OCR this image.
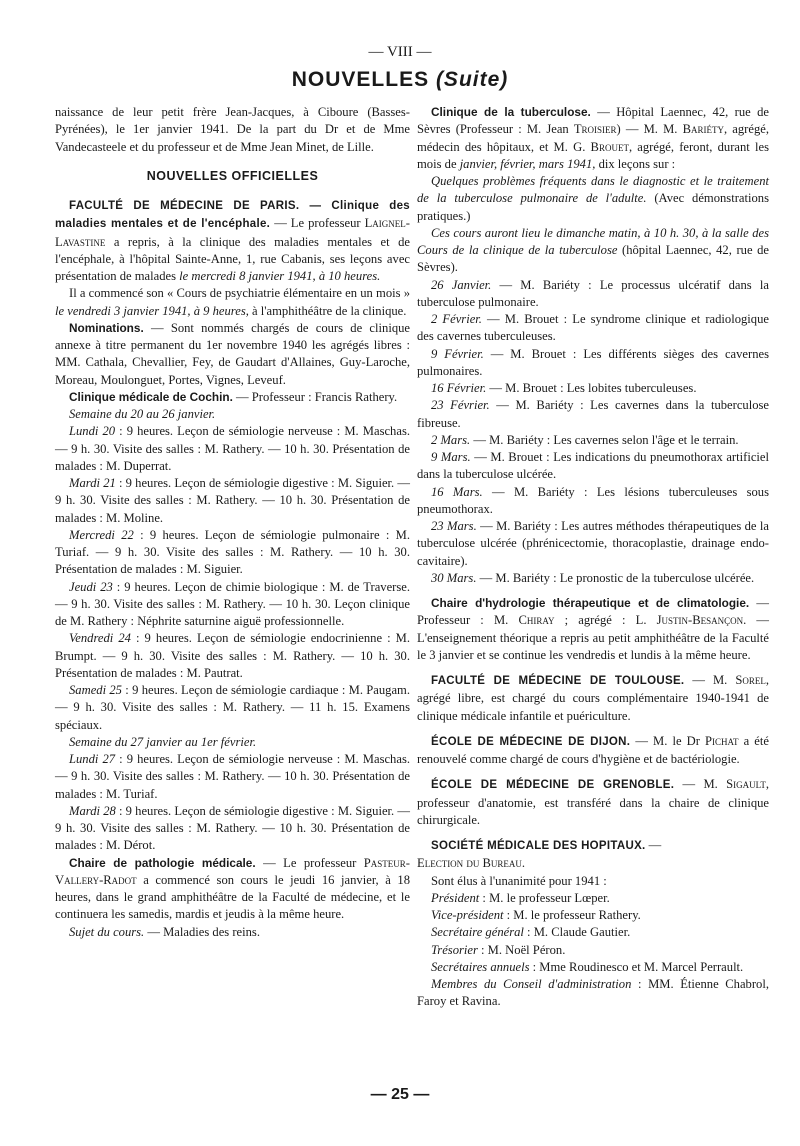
— VIII —
NOUVELLES (Suite)

naissance de leur petit frère Jean-Jacques, à Ciboure (Basses-Pyrénées), le 1er janvier 1941. De la part du Dr et de Mme Vandecasteele et du professeur et de Mme Jean Minet, de Lille.

NOUVELLES OFFICIELLES

FACULTÉ DE MÉDECINE DE PARIS. — Clinique des maladies mentales et de l'encéphale. — Le professeur Laignel-Lavastine a repris, à la clinique des maladies mentales et de l'encéphale, à l'hôpital Sainte-Anne, 1, rue Cabanis, ses leçons avec présentation de malades le mercredi 8 janvier 1941, à 10 heures.

Il a commencé son « Cours de psychiatrie élémentaire en un mois » le vendredi 3 janvier 1941, à 9 heures, à l'amphithéâtre de la clinique.

Nominations. — Sont nommés chargés de cours de clinique annexe à titre permanent du 1er novembre 1940 les agrégés libres : MM. Cathala, Chevallier, Fey, de Gaudart d'Allaines, Guy-Laroche, Moreau, Moulonguet, Portes, Vignes, Leveuf.

Clinique médicale de Cochin. — Professeur : Francis Rathery.

Semaine du 20 au 26 janvier.

Lundi 20 : 9 heures. Leçon de sémiologie nerveuse : M. Maschas. — 9 h. 30. Visite des salles : M. Rathery. — 10 h. 30. Présentation de malades : M. Duperrat.

Mardi 21 : 9 heures. Leçon de sémiologie digestive : M. Siguier. — 9 h. 30. Visite des salles : M. Rathery. — 10 h. 30. Présentation de malades : M. Moline.

Mercredi 22 : 9 heures. Leçon de sémiologie pulmonaire : M. Turiaf. — 9 h. 30. Visite des salles : M. Rathery. — 10 h. 30. Présentation de malades : M. Siguier.

Jeudi 23 : 9 heures. Leçon de chimie biologique : M. de Traverse. — 9 h. 30. Visite des salles : M. Rathery. — 10 h. 30. Leçon clinique de M. Rathery : Néphrite saturnine aiguë professionnelle.

Vendredi 24 : 9 heures. Leçon de sémiologie endocrinienne : M. Brumpt. — 9 h. 30. Visite des salles : M. Rathery. — 10 h. 30. Présentation de malades : M. Pautrat.

Samedi 25 : 9 heures. Leçon de sémiologie cardiaque : M. Paugam. — 9 h. 30. Visite des salles : M. Rathery. — 11 h. 15. Examens spéciaux.

Semaine du 27 janvier au 1er février.

Lundi 27 : 9 heures. Leçon de sémiologie nerveuse : M. Maschas. — 9 h. 30. Visite des salles : M. Rathery. — 10 h. 30. Présentation de malades : M. Turiaf.

Mardi 28 : 9 heures. Leçon de sémiologie digestive : M. Siguier. — 9 h. 30. Visite des salles : M. Rathery. — 10 h. 30. Présentation de malades : M. Dérot.

Chaire de pathologie médicale. — Le professeur Pasteur-Vallery-Radot a commencé son cours le jeudi 16 janvier, à 18 heures, dans le grand amphithéâtre de la Faculté de médecine, et le continuera les samedis, mardis et jeudis à la même heure.

Sujet du cours. — Maladies des reins.

Clinique de la tuberculose. — Hôpital Laennec, 42, rue de Sèvres (Professeur : M. Jean Troisier) — M. M. Bariéty, agrégé, médecin des hôpitaux, et M. G. Brouet, agrégé, feront, durant les mois de janvier, février, mars 1941, dix leçons sur :

Quelques problèmes fréquents dans le diagnostic et le traitement de la tuberculose pulmonaire de l'adulte. (Avec démonstrations pratiques.)

Ces cours auront lieu le dimanche matin, à 10 h. 30, à la salle des Cours de la clinique de la tuberculose (hôpital Laennec, 42, rue de Sèvres).

26 Janvier. — M. Bariéty : Le processus ulcératif dans la tuberculose pulmonaire.

2 Février. — M. Brouet : Le syndrome clinique et radiologique des cavernes tuberculeuses.

9 Février. — M. Brouet : Les différents sièges des cavernes pulmonaires.

16 Février. — M. Brouet : Les lobites tuberculeuses.

23 Février. — M. Bariéty : Les cavernes dans la tuberculose fibreuse.

2 Mars. — M. Bariéty : Les cavernes selon l'âge et le terrain.

9 Mars. — M. Brouet : Les indications du pneumothorax artificiel dans la tuberculose ulcérée.

16 Mars. — M. Bariéty : Les lésions tuberculeuses sous pneumothorax.

23 Mars. — M. Bariéty : Les autres méthodes thérapeutiques de la tuberculose ulcérée (phrénicectomie, thoracoplastie, drainage endo-cavitaire).

30 Mars. — M. Bariéty : Le pronostic de la tuberculose ulcérée.

Chaire d'hydrologie thérapeutique et de climatologie. — Professeur : M. Chiray ; agrégé : L. Justin-Besançon. — L'enseignement théorique a repris au petit amphithéâtre de la Faculté le 3 janvier et se continue les vendredis et lundis à la même heure.

FACULTÉ DE MÉDECINE DE TOULOUSE. — M. Sorel, agrégé libre, est chargé du cours complémentaire 1940-1941 de clinique médicale infantile et puériculture.

ÉCOLE DE MÉDECINE DE DIJON. — M. le Dr Pichat a été renouvelé comme chargé de cours d'hygiène et de bactériologie.

ÉCOLE DE MÉDECINE DE GRENOBLE. — M. Sigault, professeur d'anatomie, est transféré dans la chaire de clinique chirurgicale.

SOCIÉTÉ MÉDICALE DES HOPITAUX. —

Election du Bureau.

Sont élus à l'unanimité pour 1941 :

Président : M. le professeur Lœper.

Vice-président : M. le professeur Rathery.

Secrétaire général : M. Claude Gautier.

Trésorier : M. Noël Péron.

Secrétaires annuels : Mme Roudinesco et M. Marcel Perrault.

Membres du Conseil d'administration : MM. Étienne Chabrol, Faroy et Ravina.

— 25 —
